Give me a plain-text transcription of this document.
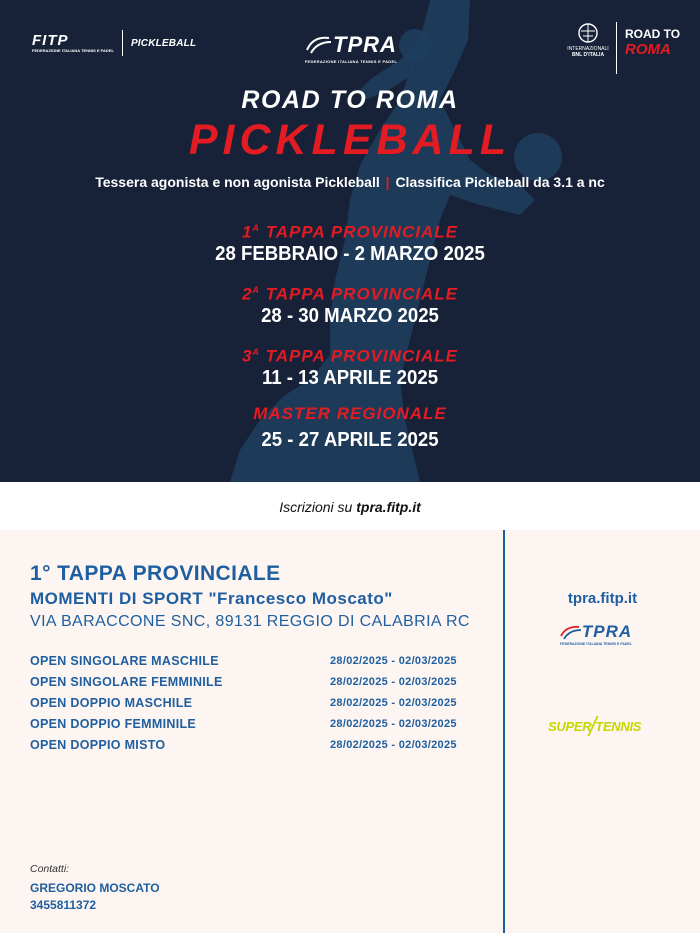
FITP
FEDERAZIONE ITALIANA TENNIS E PADEL
PICKLEBALL	TPRA
FEDERAZIONE ITALIANA TENNIS E PADEL
INTERNAZIONALI
BNL D'ITALIA
ROAD TO
ROMA
ROAD TO ROMA
PICKLEBALL
Tessera agonista e non agonista Pickleball | Classifica Pickleball da 3.1 a nc
$1^A$ TAPPA PROVINCIALE
28 FEBBRAIO - 2 MARZO 2025
$2^A$ TAPPA PROVINCIALE
28 - 30 MARZO 2025
$3^A$ TAPPA PROVINCIALE
11 - 13 APRILE 2025
MASTER REGIONALE
25 - 27 APRILE 2025
Iscrizioni su tpra.fitp.it
1° TAPPA PROVINCIALE
MOMENTI DI SPORT "Francesco Moscato"
VIA BARACCONE SNC, 89131 REGGIO DI CALABRIA RC
OPEN SINGOLARE MASCHILE	28/02/2025 - 02/03/2025
OPEN SINGOLARE FEMMINILE	28/02/2025 - 02/03/2025
OPEN DOPPIO MASCHILE	28/02/2025 - 02/03/2025
OPEN DOPPIO FEMMINILE	28/02/2025 - 02/03/2025
OPEN DOPPIO MISTO	28/02/2025 - 02/03/2025
Contatti:
GREGORIO MOSCATO
3455811372
tpra.fitp.it
TPRA
FEDERAZIONE ITALIANA TENNIS E PADEL
SUPER TENNIS
